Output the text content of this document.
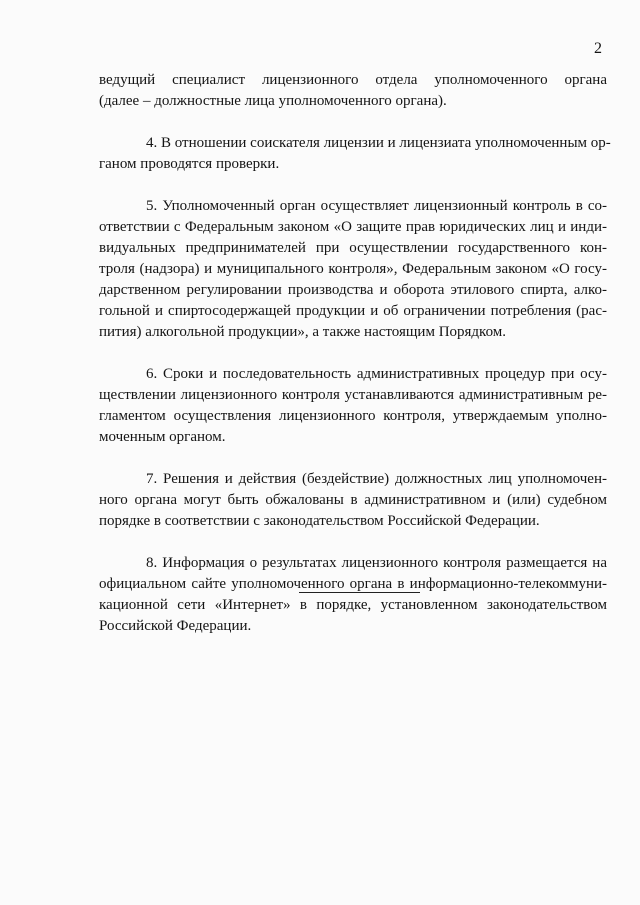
2
ведущий специалист лицензионного отдела уполномоченного органа
(далее – должностные лица уполномоченного органа).
4. В отношении соискателя лицензии и лицензиата уполномоченным ор-
ганом проводятся проверки.
5. Уполномоченный орган осуществляет лицензионный контроль в со-
ответствии с Федеральным законом «О защите прав юридических лиц и инди-
видуальных предпринимателей при осуществлении государственного кон-
троля (надзора) и муниципального контроля», Федеральным законом «О госу-
дарственном регулировании производства и оборота этилового спирта, алко-
гольной и спиртосодержащей продукции и об ограничении потребления (рас-
пития) алкогольной продукции», а также настоящим Порядком.
6. Сроки и последовательность административных процедур при осу-
ществлении лицензионного контроля устанавливаются административным ре-
гламентом осуществления лицензионного контроля, утверждаемым уполно-
моченным органом.
7. Решения и действия (бездействие) должностных лиц уполномочен-
ного органа могут быть обжалованы в административном и (или) судебном
порядке в соответствии с законодательством Российской Федерации.
8. Информация о результатах лицензионного контроля размещается на
официальном сайте уполномоченного органа в информационно-телекоммуни-
кационной сети «Интернет» в порядке, установленном законодательством
Российской Федерации.
